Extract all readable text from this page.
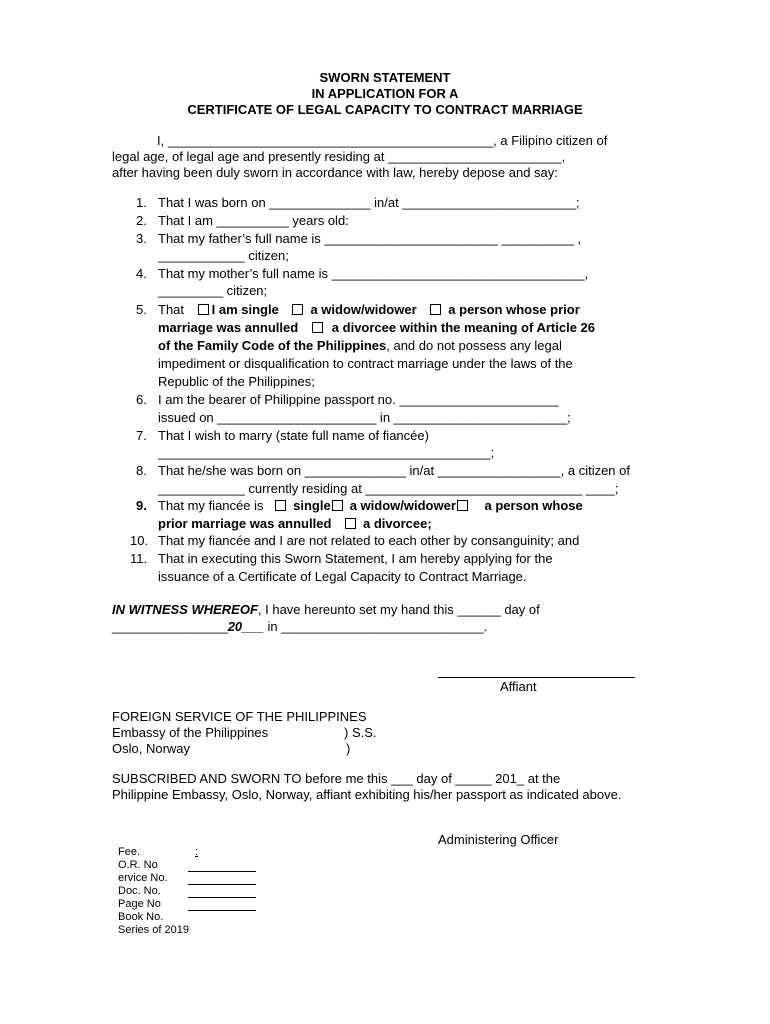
SWORN STATEMENT
IN APPLICATION FOR A
CERTIFICATE OF LEGAL CAPACITY TO CONTRACT MARRIAGE
I, _____________________________________________, a Filipino citizen of
legal age, of legal age and presently residing at ________________________,
after having been duly sworn in accordance with law, hereby depose and say:
1. That I was born on ______________ in/at ________________________;
2. That I am __________ years old:
3. That my father’s full name is ________________________ __________ ,
____________ citizen;
4. That my mother’s full name is ___________________________________,
_________ citizen;
5. That I am single a widow/widower a person whose prior
marriage was annulled	a divorcee within the meaning of Article 26
of the Family Code of the Philippines, and do not possess any legal
impediment or disqualification to contract marriage under the laws of the
Republic of the Philippines;
6. I am the bearer of Philippine passport no. ______________________
issued on ______________________ in ________________________;
7. That I wish to marry (state full name of fiancée)
______________________________________________;
8. That he/she was born on ______________ in/at _________________, a citizen of
____________ currently residing at ______________________________ ____;
9. That my fiancée is single a widow/widower a person whose
prior marriage was annulled a divorcee;
10. That my fiancée and I are not related to each other by consanguinity; and
11. That in executing this Sworn Statement, I am hereby applying for the
issuance of a Certificate of Legal Capacity to Contract Marriage.
IN WITNESS WHEREOF, I have hereunto set my hand this ______ day of
________________20___ in ____________________________.
Affiant
FOREIGN SERVICE OF THE PHILIPPINES
Embassy of the Philippines	) S.S.
Oslo, Norway	)
SUBSCRIBED AND SWORN TO before me this ___ day of _____ 201_ at the
Philippine Embassy, Oslo, Norway, affiant exhibiting his/her passport as indicated above.
Administering Officer
Fee.	:
O.R. No
ervice No.
Doc. No.
Page No
Book No.
Series of 2019
